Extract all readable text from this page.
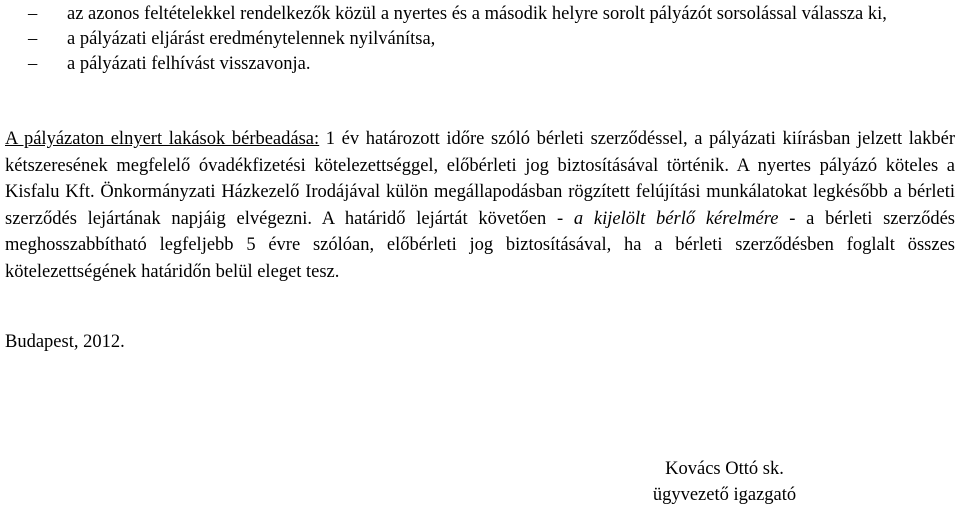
– az azonos feltételekkel rendelkezők közül a nyertes és a második helyre sorolt pályázót sorsolással válassza ki,
– a pályázati eljárást eredménytelennek nyilvánítsa,
– a pályázati felhívást visszavonja.

A pályázaton elnyert lakások bérbeadása: 1 év határozott időre szóló bérleti szerződéssel, a pályázati kiírásban jelzett lakbér kétszeresének megfelelő óvadékfizetési kötelezettséggel, előbérleti jog biztosításával történik. A nyertes pályázó köteles a Kisfalu Kft. Önkormányzati Házkezelő Irodájával külön megállapodásban rögzített felújítási munkálatokat legkésőbb a bérleti szerződés lejártának napjáig elvégezni. A határidő lejártát követően - a kijelölt bérlő kérelmére - a bérleti szerződés meghosszabbítható legfeljebb 5 évre szólóan, előbérleti jog biztosításával, ha a bérleti szerződésben foglalt összes kötelezettségének határidőn belül eleget tesz.

Budapest, 2012.

Kovács Ottó sk.
ügyvezető igazgató
